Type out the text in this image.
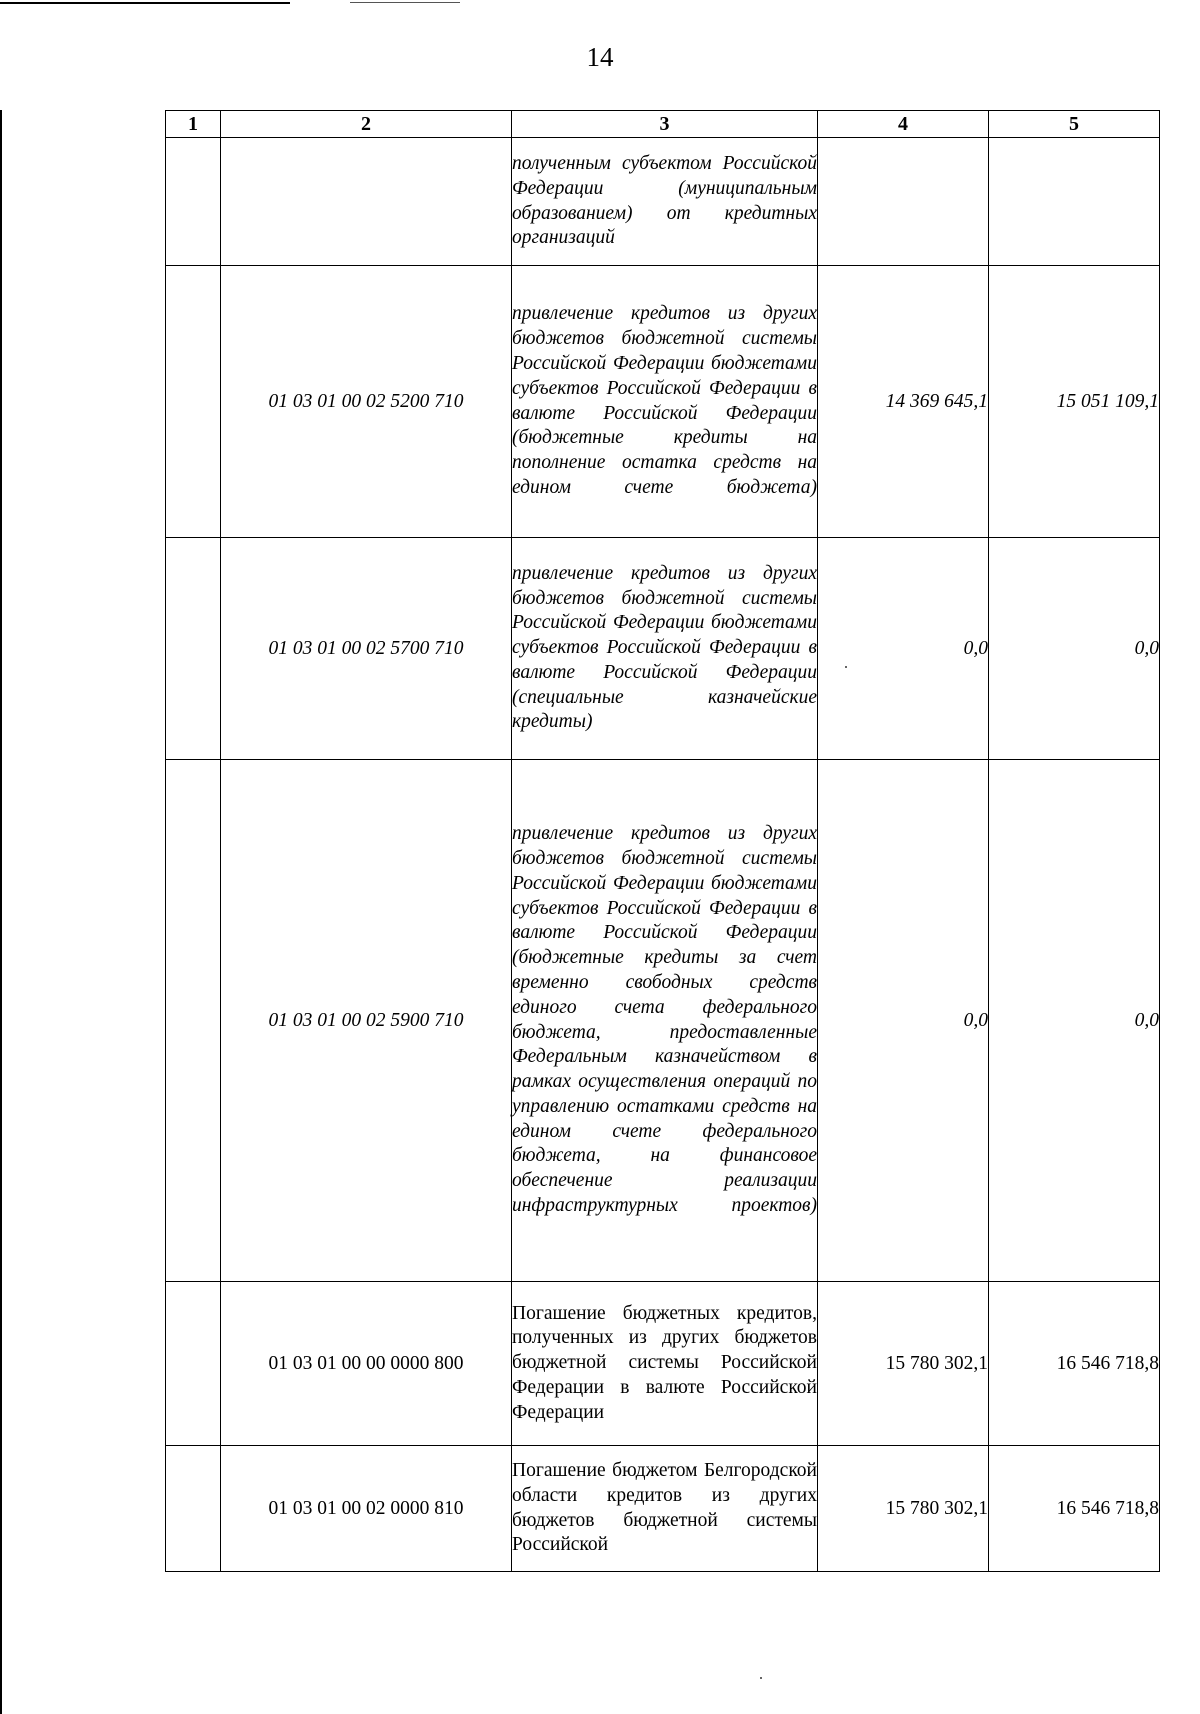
14
1	2	3	4	5
		полученным субъектом Российской Федерации (муниципальным образованием) от кредитных организаций		
	01 03 01 00 02 5200 710	привлечение кредитов из других бюджетов бюджетной системы Российской Федерации бюджетами субъектов Российской Федерации в валюте Российской Федерации (бюджетные кредиты на пополнение остатка средств на едином счете бюджета)	14 369 645,1	15 051 109,1
	01 03 01 00 02 5700 710	привлечение кредитов из других бюджетов бюджетной системы Российской Федерации бюджетами субъектов Российской Федерации в валюте Российской Федерации (специальные казначейские кредиты)	0,0	0,0
	01 03 01 00 02 5900 710	привлечение кредитов из других бюджетов бюджетной системы Российской Федерации бюджетами субъектов Российской Федерации в валюте Российской Федерации (бюджетные кредиты за счет временно свободных средств единого счета федерального бюджета, предоставленные Федеральным казначейством в рамках осуществления операций по управлению остатками средств на едином счете федерального бюджета, на финансовое обеспечение реализации инфраструктурных проектов)	0,0	0,0
	01 03 01 00 00 0000 800	Погашение бюджетных кредитов, полученных из других бюджетов бюджетной системы Российской Федерации в валюте Российской Федерации	15 780 302,1	16 546 718,8
	01 03 01 00 02 0000 810	Погашение бюджетом Белгородской области кредитов из других бюджетов бюджетной системы Российской	15 780 302,1	16 546 718,8
